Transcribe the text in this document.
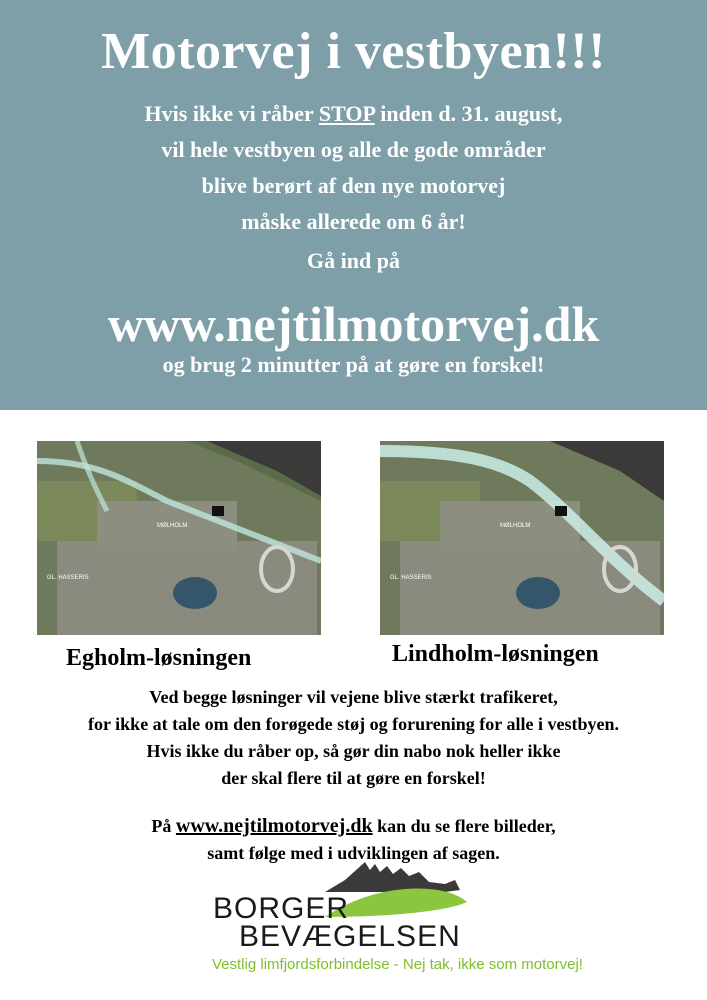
Motorvej i vestbyen!!!
Hvis ikke vi råber STOP inden d. 31. august,
vil hele vestbyen og alle de gode områder
blive berørt af den nye motorvej
måske allerede om 6 år!
Gå ind på
www.nejtilmotorvej.dk
og brug 2 minutter på at gøre en forskel!
MØLHOLM
GL. HASSERIS
MØLHOLM
GL. HASSERIS
Egholm-løsningen	Lindholm-løsningen
Ved begge løsninger vil vejene blive stærkt trafikeret,
for ikke at tale om den forøgede støj og forurening for alle i vestbyen.
Hvis ikke du råber op, så gør din nabo nok heller ikke
der skal flere til at gøre en forskel!
På www.nejtilmotorvej.dk kan du se flere billeder,
samt følge med i udviklingen af sagen.
BORGER
BEVÆGELSEN
Vestlig limfjordsforbindelse - Nej tak, ikke som motorvej!
